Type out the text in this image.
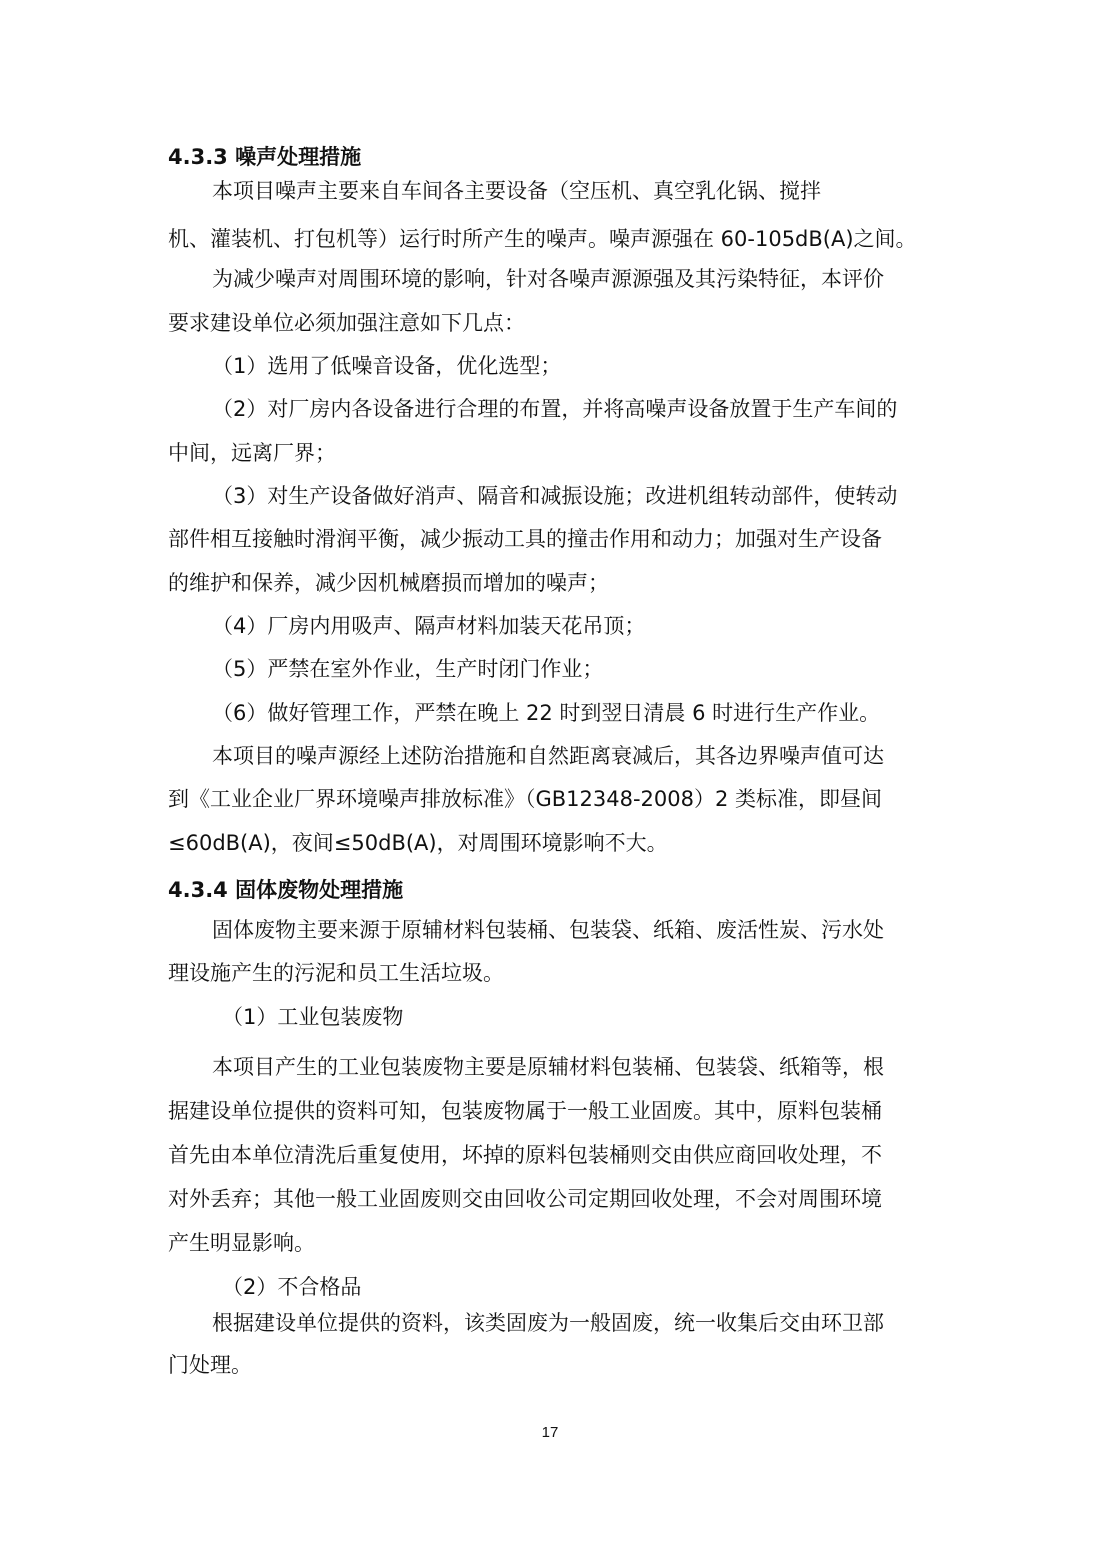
4.3.3 噪声处理措施
本项目噪声主要来自车间各主要设备（空压机、真空乳化锅、搅拌
机、灌装机、打包机等）运行时所产生的噪声。噪声源强在 60-105dB(A)之间。
为减少噪声对周围环境的影响，针对各噪声源源强及其污染特征，本评价
要求建设单位必须加强注意如下几点：
（1）选用了低噪音设备，优化选型；
（2）对厂房内各设备进行合理的布置，并将高噪声设备放置于生产车间的
中间，远离厂界；
（3）对生产设备做好消声、隔音和减振设施；改进机组转动部件，使转动
部件相互接触时滑润平衡，减少振动工具的撞击作用和动力；加强对生产设备
的维护和保养，减少因机械磨损而增加的噪声；
（4）厂房内用吸声、隔声材料加装天花吊顶；
（5）严禁在室外作业，生产时闭门作业；
（6）做好管理工作，严禁在晚上 22 时到翌日清晨 6 时进行生产作业。
本项目的噪声源经上述防治措施和自然距离衰减后，其各边界噪声值可达
到《工业企业厂界环境噪声排放标准》（GB12348-2008）2 类标准，即昼间
≤60dB(A)，夜间≤50dB(A)，对周围环境影响不大。
4.3.4 固体废物处理措施
固体废物主要来源于原辅材料包装桶、包装袋、纸箱、废活性炭、污水处
理设施产生的污泥和员工生活垃圾。
（1）工业包装废物
本项目产生的工业包装废物主要是原辅材料包装桶、包装袋、纸箱等，根
据建设单位提供的资料可知，包装废物属于一般工业固废。其中，原料包装桶
首先由本单位清洗后重复使用，坏掉的原料包装桶则交由供应商回收处理，不
对外丢弃；其他一般工业固废则交由回收公司定期回收处理，不会对周围环境
产生明显影响。
（2）不合格品
根据建设单位提供的资料，该类固废为一般固废，统一收集后交由环卫部
门处理。
17
